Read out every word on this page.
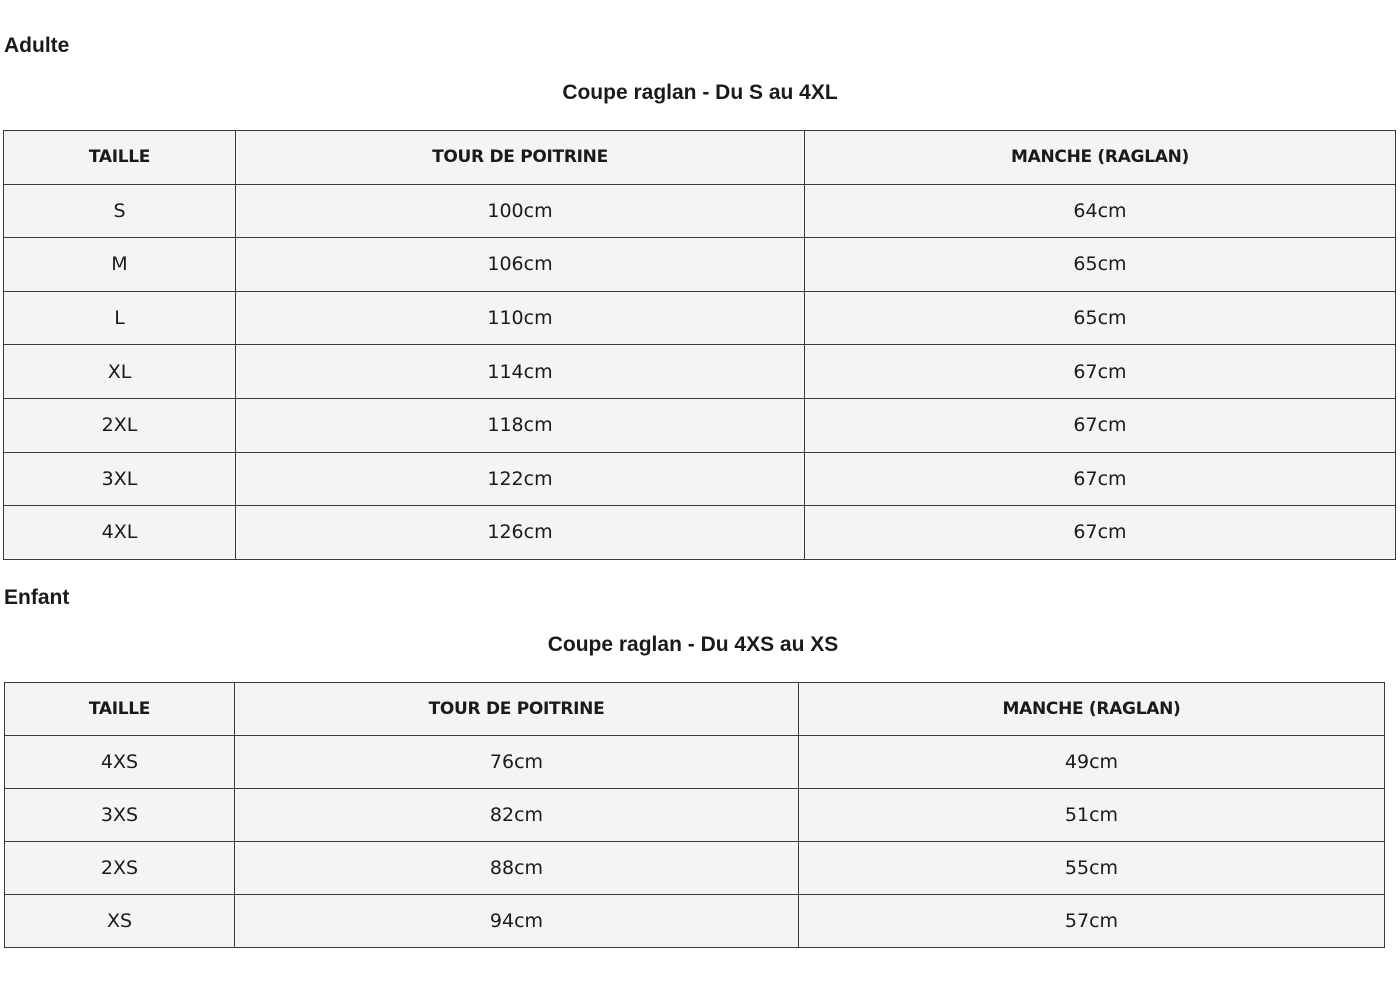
Adulte
Coupe raglan - Du S au 4XL
TAILLE	TOUR DE POITRINE	MANCHE (RAGLAN)
S	100cm	64cm
M	106cm	65cm
L	110cm	65cm
XL	114cm	67cm
2XL	118cm	67cm
3XL	122cm	67cm
4XL	126cm	67cm
Enfant
Coupe raglan - Du 4XS au XS
TAILLE	TOUR DE POITRINE	MANCHE (RAGLAN)
4XS	76cm	49cm
3XS	82cm	51cm
2XS	88cm	55cm
XS	94cm	57cm
